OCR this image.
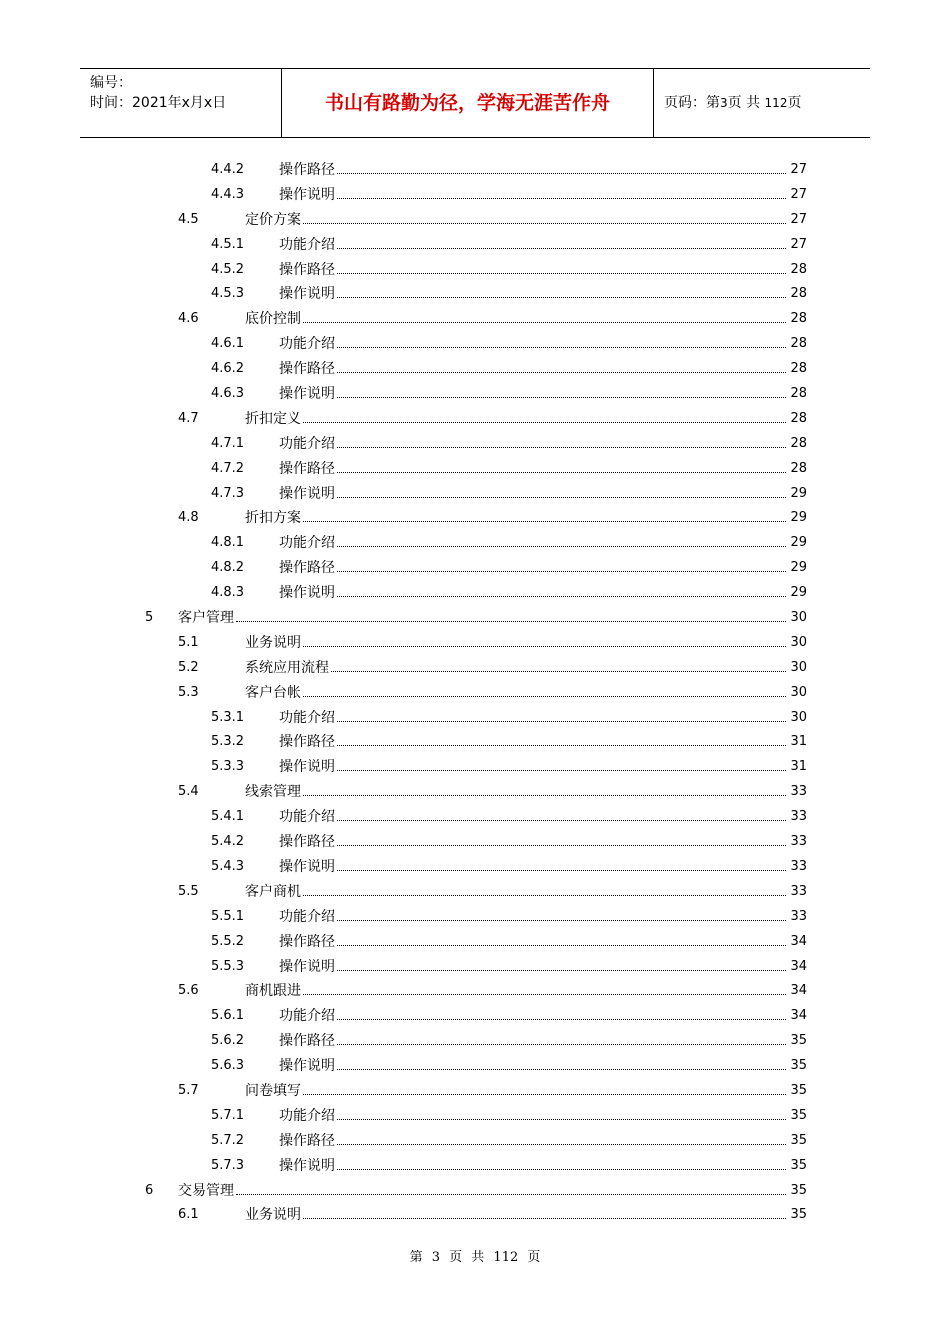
编号：
时间：2021年x月x日	书山有路勤为径，学海无涯苦作舟	页码：第3页 共 112页
4.4.2 操作路径	27
4.4.3 操作说明	27
4.5	定价方案	27
4.5.1 功能介绍	27
4.5.2 操作路径	28
4.5.3 操作说明	28
4.6	底价控制	28
4.6.1 功能介绍	28
4.6.2 操作路径	28
4.6.3 操作说明	28
4.7	折扣定义	28
4.7.1 功能介绍	28
4.7.2 操作路径	28
4.7.3 操作说明	29
4.8	折扣方案	29
4.8.1 功能介绍	29
4.8.2 操作路径	29
4.8.3 操作说明	29
5 客户管理	30
5.1	业务说明	30
5.2	系统应用流程	30
5.3	客户台帐	30
5.3.1 功能介绍	30
5.3.2 操作路径	31
5.3.3 操作说明	31
5.4	线索管理	33
5.4.1 功能介绍	33
5.4.2 操作路径	33
5.4.3 操作说明	33
5.5	客户商机	33
5.5.1 功能介绍	33
5.5.2 操作路径	34
5.5.3 操作说明	34
5.6	商机跟进	34
5.6.1 功能介绍	34
5.6.2 操作路径	35
5.6.3 操作说明	35
5.7	问卷填写	35
5.7.1 功能介绍	35
5.7.2 操作路径	35
5.7.3 操作说明	35
6 交易管理	35
6.1	业务说明	35
第 3 页 共 112 页
